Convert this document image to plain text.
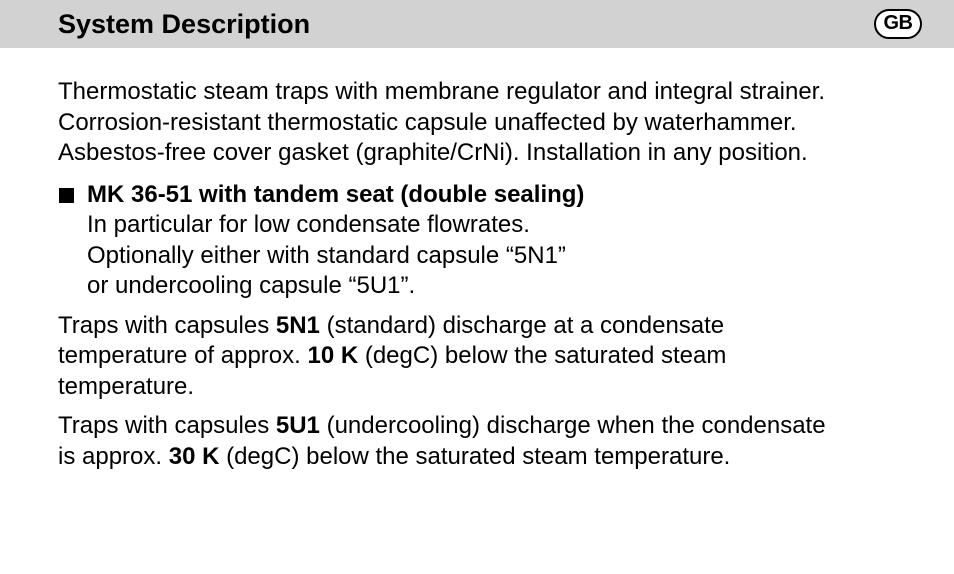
System Description	GB

Thermostatic steam traps with membrane regulator and integral strainer.
Corrosion-resistant thermostatic capsule unaffected by waterhammer.
Asbestos-free cover gasket (graphite/CrNi). Installation in any position.

MK 36-51 with tandem seat (double sealing)
In particular for low condensate flowrates.
Optionally either with standard capsule “5N1”
or undercooling capsule “5U1”.

Traps with capsules 5N1 (standard) discharge at a condensate
temperature of approx. 10 K (degC) below the saturated steam
temperature.

Traps with capsules 5U1 (undercooling) discharge when the condensate
is approx. 30 K (degC) below the saturated steam temperature.
